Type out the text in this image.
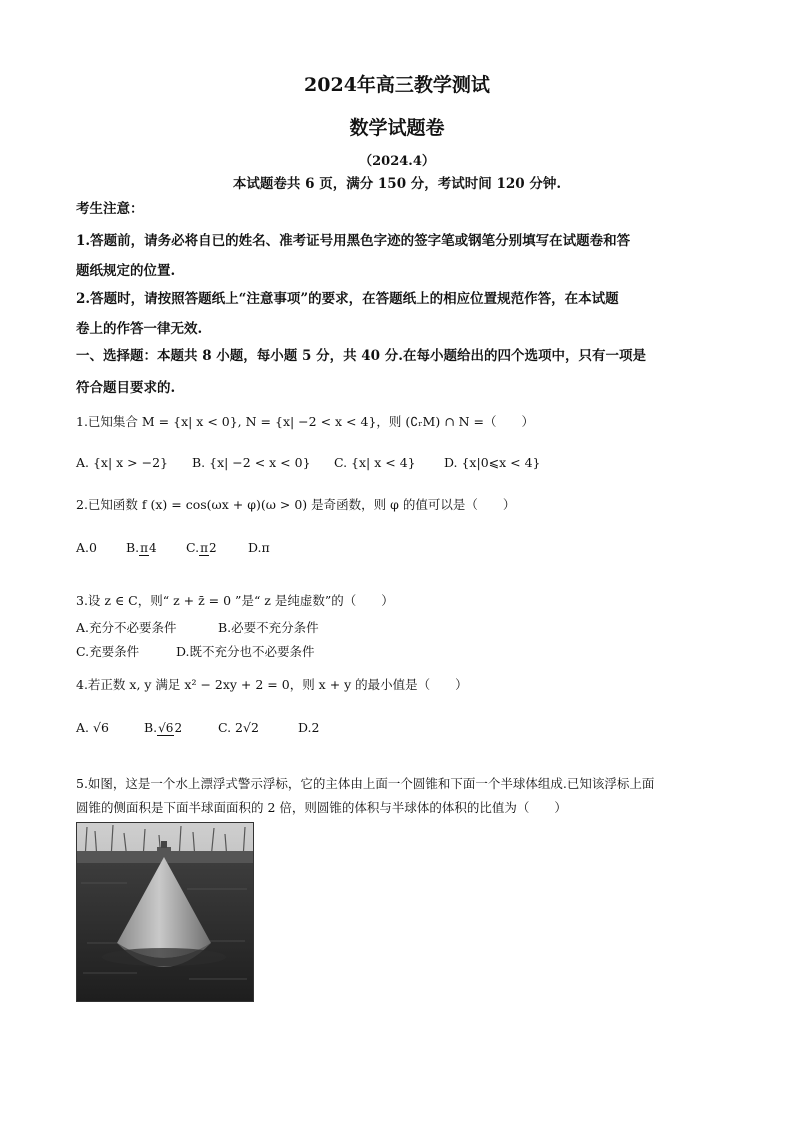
2024年高三教学测试
数学试题卷
（2024.4）
本试题卷共 6 页，满分 150 分，考试时间 120 分钟.
考生注意：
1.答题前，请务必将自已的姓名、准考证号用黑色字迹的签字笔或钢笔分别填写在试题卷和答
题纸规定的位置.
2.答题时，请按照答题纸上“注意事项”的要求，在答题纸上的相应位置规范作答，在本试题
卷上的作答一律无效.
一、选择题：本题共 8 小题，每小题 5 分，共 40 分.在每小题给出的四个选项中，只有一项是
符合题目要求的.
1.已知集合 M = {x| x < 0}, N = {x| −2 < x < 4}，则 (∁ᵣM) ∩ N =（　　）
A. {x| x > −2} B. {x| −2 < x < 0} C. {x| x < 4} D. {x|0⩽x < 4}
2.已知函数 f (x) = cos(ωx + φ)(ω > 0) 是奇函数，则 φ 的值可以是（　　）
A.0 B.π4 C.π2	D.π
3.设 z ∈ C，则“ z + z̄ = 0 ”是“ z 是纯虚数”的（　　）
A.充分不必要条件	B.必要不充分条件
C.充要条件	D.既不充分也不必要条件
4.若正数 x, y 满足 x² − 2xy + 2 = 0，则 x + y 的最小值是（　　）
A. √6	B.√62	C. 2√2	D.2
5.如图，这是一个水上漂浮式警示浮标，它的主体由上面一个圆锥和下面一个半球体组成.已知该浮标上面
圆锥的侧面积是下面半球面面积的 2 倍，则圆锥的体积与半球体的体积的比值为（　　）
